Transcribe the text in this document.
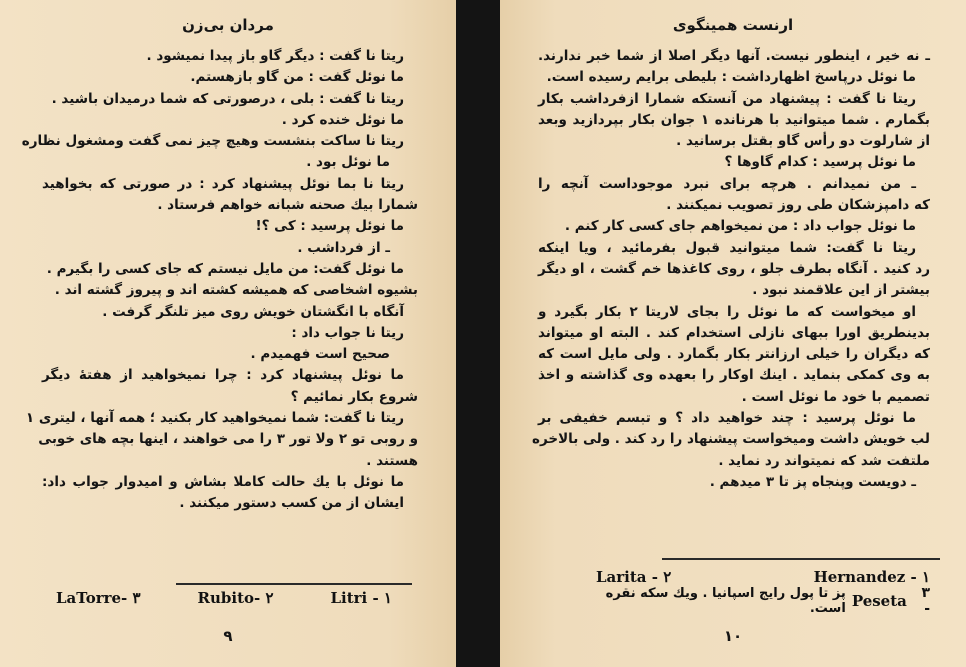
مردان بی‌زن
ریتا نا گفت : دیگر گاو باز پیدا نمیشود .
ما نوئل گفت : من گاو بازهستم.
ریتا نا گفت : بلی ، درصورتی که شما درمیدان باشید .
ما نوئل خنده کرد .
ریتا نا ساکت بنشست وهیچ چیز نمی گفت ومشغول نظاره
ما نوئل بود .
ریتا نا بما نوئل پیشنهاد کرد : در صورتی که بخواهید
شمارا بیك صحنه شبانه خواهم فرستاد .
ما نوئل پرسید : کی ؟!
ـ از فرداشب .
ما نوئل گفت: من مایل نیستم که جای کسی را بگیرم .
بشیوه اشخاصی که همیشه کشته اند و پیروز گشته اند .
آنگاه با انگشتان خویش روی میز تلنگر گرفت .
ریتا نا جواب داد :
صحیح است فهمیدم .
ما نوئل پیشنهاد کرد : چرا نمیخواهید از هفتهٔ دیگر
شروع بکار نمائیم ؟
ریتا نا گفت: شما نمیخواهید کار بکنید ؛ همه آنها ، لیتری ١
و روبی تو ٢ ولا تور ٣ را می خواهند ، اینها بچه های خوبی
هستند .
ما نوئل با یك حالت کاملا بشاش و امیدوار جواب داد:
ایشان از من کسب دستور میکنند .
LaTorre- ٣	Rubito- ٢	Litri - ١
٩
ارنست همینگوی
ـ نه خیر ، اینطور نیست. آنها دیگر اصلا از شما خبر ندارند.
ما نوئل درپاسخ اظهارداشت : بلیطی برایم رسیده است.
ریتا نا گفت : پیشنهاد من آنستکه شمارا ازفرداشب بکار
بگمارم . شما میتوانید با هرنانده ١ جوان بکار بپردازید وبعد
از شارلوت دو رأس گاو بقتل برسانید .
ما نوئل پرسید : کدام گاوها ؟
ـ من نمیدانم . هرچه برای نبرد موجوداست آنچه را
که دامپزشکان طی روز تصویب نمیکنند .
ما نوئل جواب داد : من نمیخواهم جای کسی کار کنم .
ریتا نا گفت: شما میتوانید قبول بفرمائید ، ویا اینکه
رد کنید . آنگاه بطرف جلو ، روی کاغذها خم گشت ، او دیگر
بیشتر از این علاقمند نبود .
او میخواست که ما نوئل را بجای لاریتا ٢ بکار بگیرد و
بدینطریق اورا ببهای نازلی استخدام کند . البته او میتواند
که دیگران را خیلی ارزانتر بکار بگمارد . ولی مایل است که
به وی کمکی بنماید . اینك اوکار را بعهده وی گذاشته و اخذ
تصمیم با خود ما نوئل است .
ما نوئل پرسید : چند خواهید داد ؟ و تبسم خفیفی بر
لب خویش داشت ومیخواست پیشنهاد را رد کند . ولی بالاخره
ملتفت شد که نمیتواند رد نماید .
ـ دویست وپنجاه پز تا ٣ میدهم .
Larita - ٢	Hernandez - ١
٣ -
Peseta
پز تا پول رایج اسپانیا . ویك سکه نقره است.
١٠
